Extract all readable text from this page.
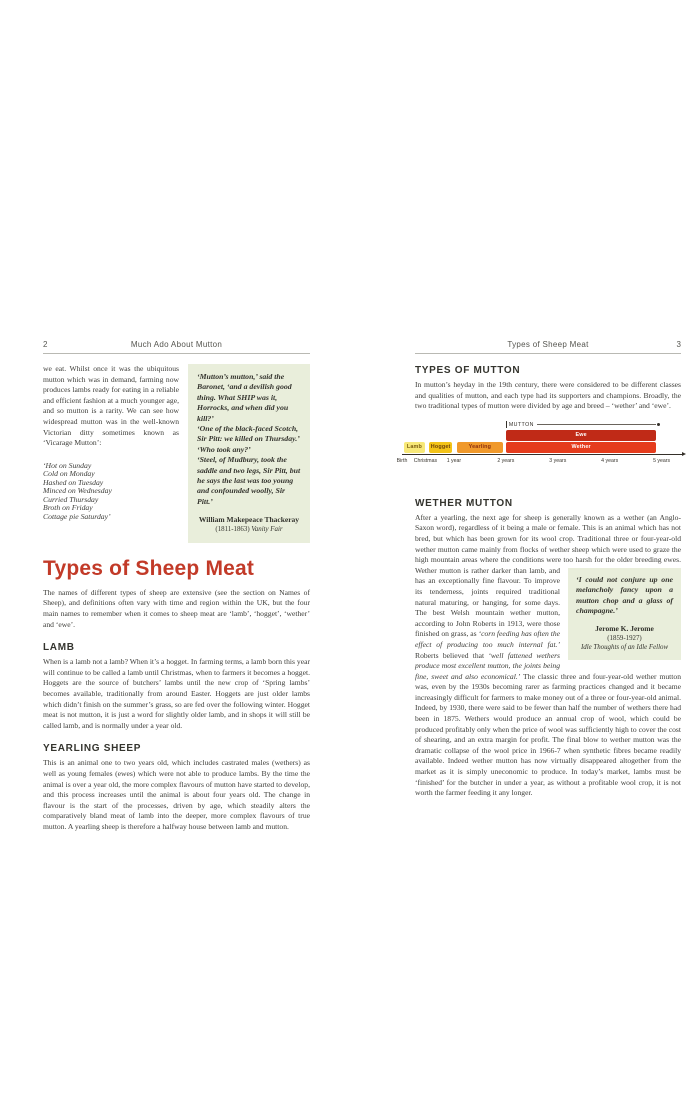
2	Much Ado About Mutton

we eat. Whilst once it was the ubiquitous mutton which was in demand, farming now produces lambs ready for eating in a reliable and efficient fashion at a much younger age, and so mutton is a rarity. We can see how widespread mutton was in the well-known Victorian ditty sometimes known as ‘Vicarage Mutton’:

‘Hot on Sunday
Cold on Monday
Hashed on Tuesday
Minced on Wednesday
Curried Thursday
Broth on Friday
Cottage pie Saturday’

‘Mutton’s mutton,’ said the Baronet, ‘and a devilish good thing. What SHIP was it, Horrocks, and when did you kill?’

‘One of the black-faced Scotch, Sir Pitt: we killed on Thursday.’

‘Who took any?’

‘Steel, of Mudbury, took the saddle and two legs, Sir Pitt, but he says the last was too young and confounded woolly, Sir Pitt.’

William Makepeace Thackeray
(1811-1863) Vanity Fair
Types of Sheep Meat

The names of different types of sheep are extensive (see the section on Names of Sheep), and definitions often vary with time and region within the UK, but the four main names to remember when it comes to sheep meat are ‘lamb’, ‘hogget’, ‘wether’ and ‘ewe’.

LAMB

When is a lamb not a lamb? When it’s a hogget. In farming terms, a lamb born this year will continue to be called a lamb until Christmas, when to farmers it becomes a hogget. Hoggets are the source of butchers’ lambs until the new crop of ‘Spring lambs’ becomes available, traditionally from around Easter. Hoggets are just older lambs which didn’t finish on the summer’s grass, so are fed over the following winter. Hogget meat is not mutton, it is just a word for slightly older lamb, and in shops it will still be called lamb, and is normally under a year old.

YEARLING SHEEP

This is an animal one to two years old, which includes castrated males (wethers) as well as young females (ewes) which were not able to produce lambs. By the time the animal is over a year old, the more complex flavours of mutton have started to develop, and this process increases until the animal is about four years old. The change in flavour is the start of the processes, driven by age, which steadily alters the comparatively bland meat of lamb into the deeper, more complex flavours of true mutton. A yearling sheep is therefore a halfway house between lamb and mutton.

Types of Sheep Meat	3
TYPES OF MUTTON

In mutton’s heyday in the 19th century, there were considered to be different classes and qualities of mutton, and each type had its supporters and champions. Broadly, the two traditional types of mutton were divided by age and breed – ‘wether’ and ‘ewe’.

MUTTON
Ewe
Lamb	Hogget	Yearling	Wether
Birth Christmas 1 year	2 years	3 years	4 years	5 years
WETHER MUTTON

After a yearling, the next age for sheep is generally known as a wether (an Anglo-Saxon word), regardless of it being a male or female. This is an animal which has not bred, but which has been grown for its wool crop. Traditional three or four-year-old wether mutton came mainly from flocks of wether sheep which were used to graze the high mountain areas where the conditions were too harsh for the older breeding ewes. Wether mutton
‘I could not conjure up one melancholy fancy upon a mutton chop and a glass of champagne.’
Jerome K. Jerome
(1859-1927)
Idle Thoughts of an Idle Fellow
is rather darker than lamb, and has an exceptionally fine flavour. To improve its tenderness, joints required traditional natural maturing, or hanging, for some days. The best Welsh mountain wether mutton, according to John Roberts in 1913, were those finished on grass, as ‘corn feeding has often the effect of producing too much internal fat.’ Roberts believed that ‘well fattened wethers produce most excellent mutton, the joints being fine, sweet and also economical.’ The classic three and four-year-old wether mutton was, even by the 1930s becoming rarer as farming practices changed and it became increasingly difficult for farmers to make money out of a three or four-year-old animal. Indeed, by 1930, there were said to be fewer than half the number of wethers there had been in 1875. Wethers would produce an annual crop of wool, which could be produced profitably only when the price of wool was sufficiently high to cover the cost of shearing, and an extra margin for profit. The final blow to wether mutton was the dramatic collapse of the wool price in 1966-7 when synthetic fibres became readily available. Indeed wether mutton has now virtually disappeared altogether from the market as it is simply uneconomic to produce. In today’s market, lambs must be ‘finished’ for the butcher in under a year, as without a profitable wool crop, it is not worth the farmer feeding it any longer.
